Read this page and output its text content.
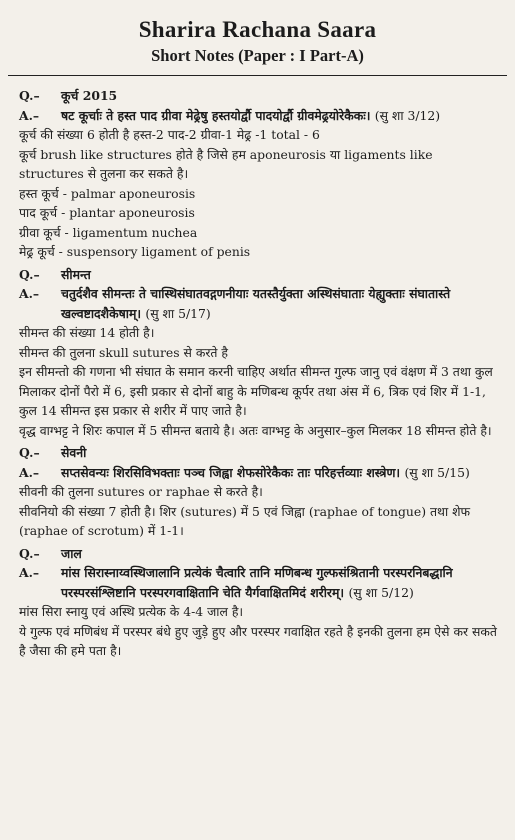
Sharira Rachana Saara
Short Notes (Paper : I Part-A)

Q.– कूर्च 2015

A.–	षट कूर्चाः ते हस्त पाद ग्रीवा मेढ्रेषु हस्तयोर्द्वौ पादयोर्द्वौ ग्रीवमेढ्रयोरेकैकः। (सु शा 3/12)

कूर्च की संख्या 6 होती है हस्त-2 पाद-2 ग्रीवा-1 मेढ्र -1 total - 6

कूर्च brush like structures होते है जिसे हम aponeurosis या ligaments like structures से तुलना कर सकते है।

हस्त कूर्च - palmar aponeurosis

पाद कूर्च - plantar aponeurosis

ग्रीवा कूर्च - ligamentum nuchea

मेढ्र कूर्च - suspensory ligament of penis

Q.– सीमन्त

A.–	चतुर्दशैव सीमन्तः ते चास्थिसंघातवद्गणनीयाः यतस्तैर्युक्ता अस्थिसंघाताः येह्युक्ताः संघातास्ते खल्वष्टादशैकेषाम्। (सु शा 5/17)

सीमन्त की संख्या 14 होती है।

सीमन्त की तुलना skull sutures से करते है

इन सीमन्तो की गणना भी संघात के समान करनी चाहिए अर्थात सीमन्त गुल्फ जानु एवं वंक्षण में 3 तथा कुल मिलाकर दोनों पैरो में 6, इसी प्रकार से दोनों बाहु के मणिबन्ध कूर्पर तथा अंस में 6, त्रिक एवं शिर में 1-1, कुल 14 सीमन्त इस प्रकार से शरीर में पाए जाते है।

वृद्ध वाग्भट्ट ने शिरः कपाल में 5 सीमन्त बताये है। अतः वाग्भट्ट के अनुसार–कुल मिलकर 18 सीमन्त होते है।

Q.– सेवनी

A.–	सप्तसेवन्यः शिरसिविभक्ताः पञ्च जिह्वा शेफसोरेकैकः ताः परिहर्त्तव्याः शस्त्रेण। (सु शा 5/15)

सीवनी की तुलना sutures or raphae से करते है।

सीवनियो की संख्या 7 होती है। शिर (sutures) में 5 एवं जिह्वा (raphae of tongue) तथा शेफ (raphae of scrotum) में 1-1।

Q.– जाल

A.–	मांस सिरास्नाय्वस्थिजालानि प्रत्येकं चैत्वारि तानि मणिबन्ध गुल्फसंश्रितानी परस्परनिबद्धानि परस्परसंश्लिष्टानि परस्परगवाक्षितानि चेति यैर्गवाक्षितमिदं शरीरम्। (सु शा 5/12)

मांस सिरा स्नायु एवं अस्थि प्रत्येक के 4-4 जाल है।

ये गुल्फ एवं मणिबंध में परस्पर बंधे हुए जुड़े हुए और परस्पर गवाक्षित रहते है इनकी तुलना हम ऐसे कर सकते है जैसा की हमे पता है।
